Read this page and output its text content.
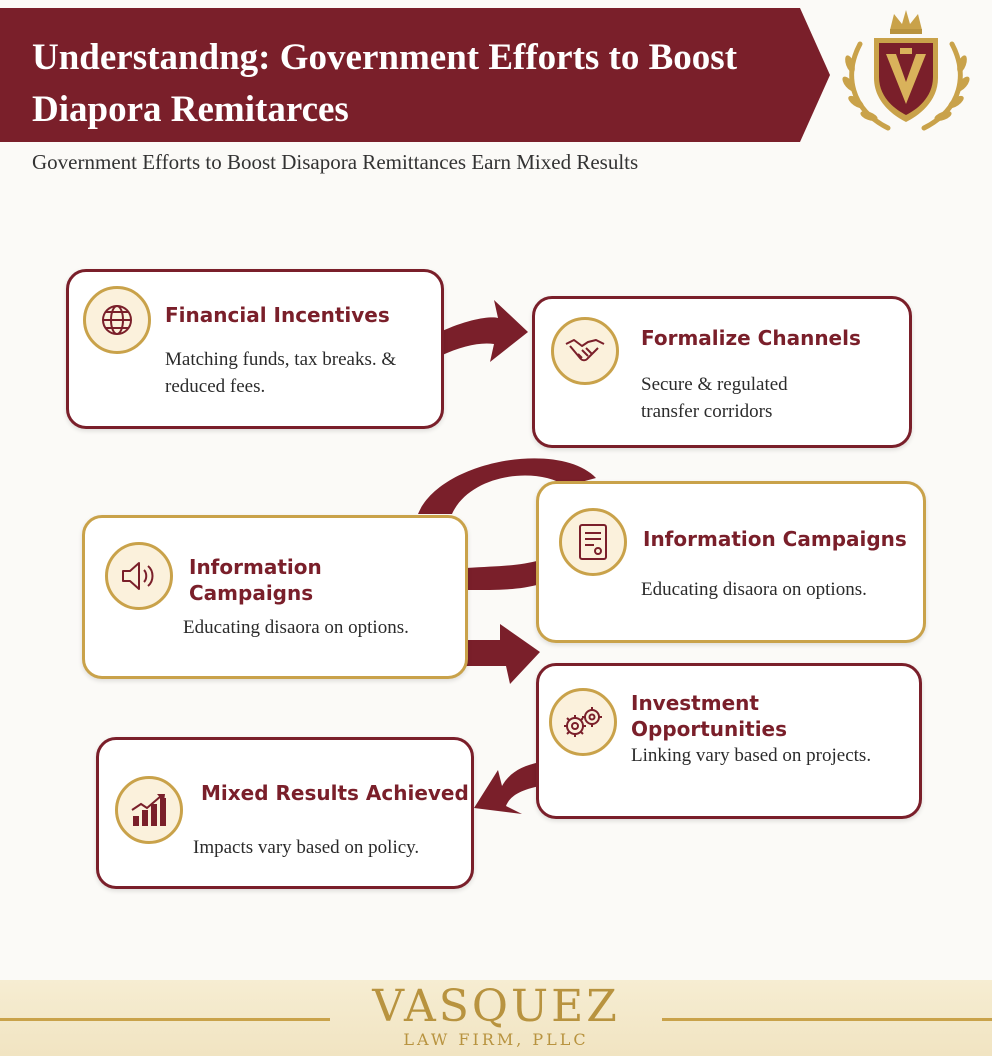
Understandng: Government Efforts to Boost Diapora Remitarces

Government Efforts to Boost Disapora Remittances Earn Mixed Results

Financial Incentives

Matching funds, tax breaks. & reduced fees.

Formalize Channels

Secure & regulated transfer corridors

Information Campaigns

Educating disaora on options.

Information Campaigns

Educating disaora on options.

Investment Opportunities

Linking vary based on projects.

Mixed Results Achieved

Impacts vary based on policy.

VASQUEZ

LAW FIRM, PLLC
